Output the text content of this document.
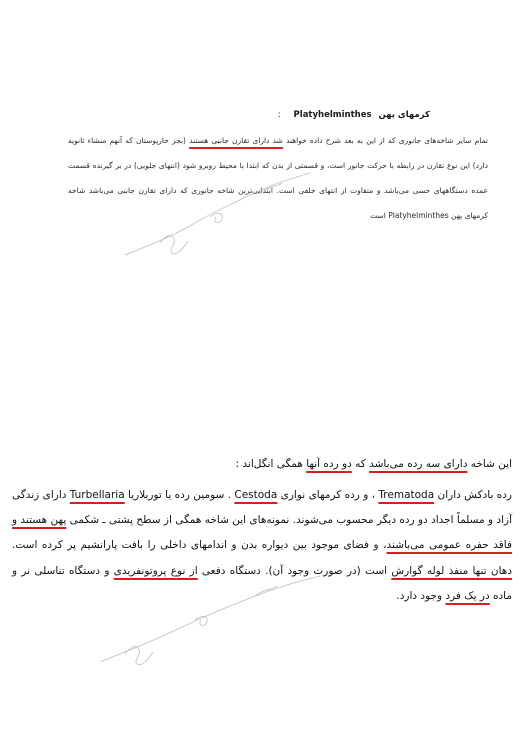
کرمهای پهن Platyhelminthes :
تمام سایر شاخه‌های جانوری که از این به بعد شرح داده خواهند شد دارای تقارن جانبی هستند (بجز خارپوستان که آنهم منشاء ثانویه دارد) این نوع تقارن در رابطه با حرکت جانور است، و قسمتی از بدن که ابتدا با محیط روبرو شود (انتهای جلویی) در بر گیرنده قسمت عمده دستگاههای حسی می‌باشد و متفاوت از انتهای خلفی است. ابتدایی‌ترین شاخه جانوری که دارای تقارن جانبی می‌باشد شاخه کرمهای پهن Platyhelminthes است
این شاخه دارای سه رده می‌باشد که دو رده آنها همگی انگل‌اند :
رده بادکش داران Trematoda ، و رده کرمهای نواری Cestoda . سومین رده یا توربلاریا Turbellaria دارای زندگی آزاد و مسلماً اجداد دو رده دیگر محسوب می‌شوند. نمونه‌های این شاخه همگی از سطح پشتی ـ شکمی پهن هستند و فاقد حفره عمومی می‌باشند، و فضای موجود بین دیواره بدن و اندامهای داخلی را بافت پارانشیم پر کرده است. دهان تنها منفذ لوله گوارش است (در صورت وجود آن). دستگاه دفعی از نوع پروتونفریدی و دستگاه تناسلی نر و ماده در یک فرد وجود دارد.
